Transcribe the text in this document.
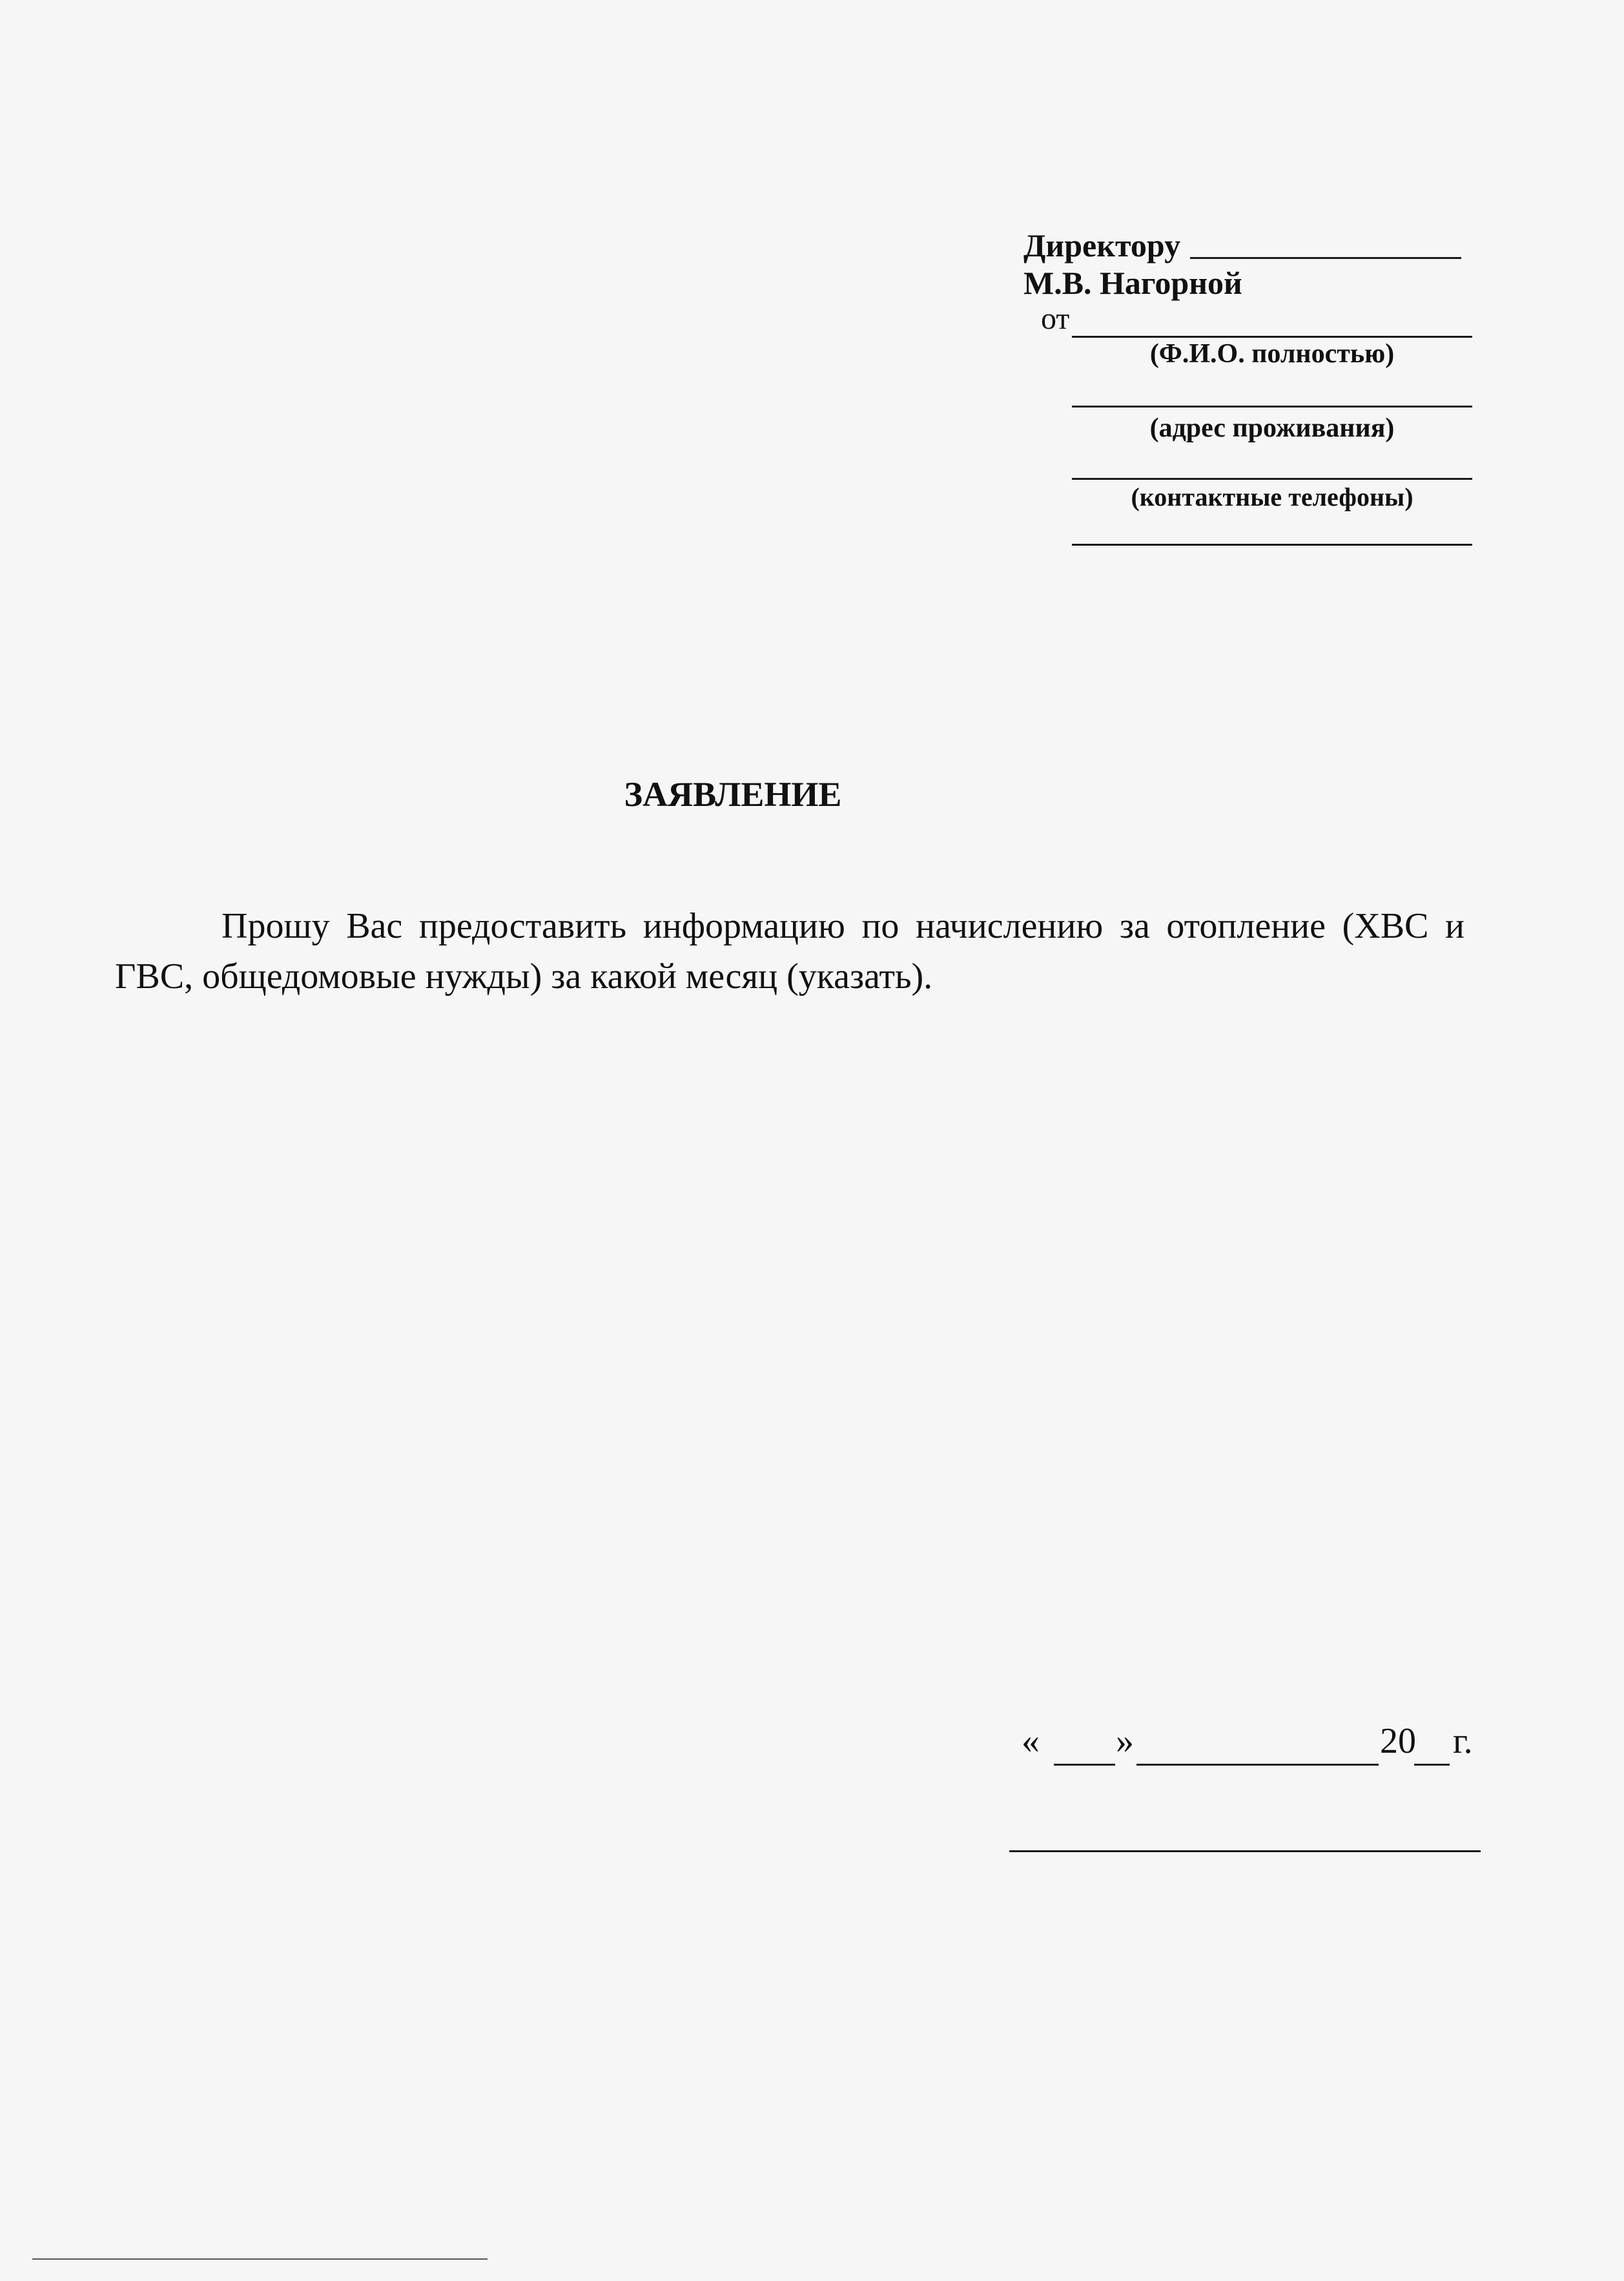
Директору
М.В. Нагорной
от
(Ф.И.О. полностью)
(адрес проживания)
(контактные телефоны)
ЗАЯВЛЕНИЕ
Прошу Вас предоставить информацию по начислению за отопление (ХВС и ГВС, общедомовые нужды) за какой месяц (указать).
« »	20 г.
